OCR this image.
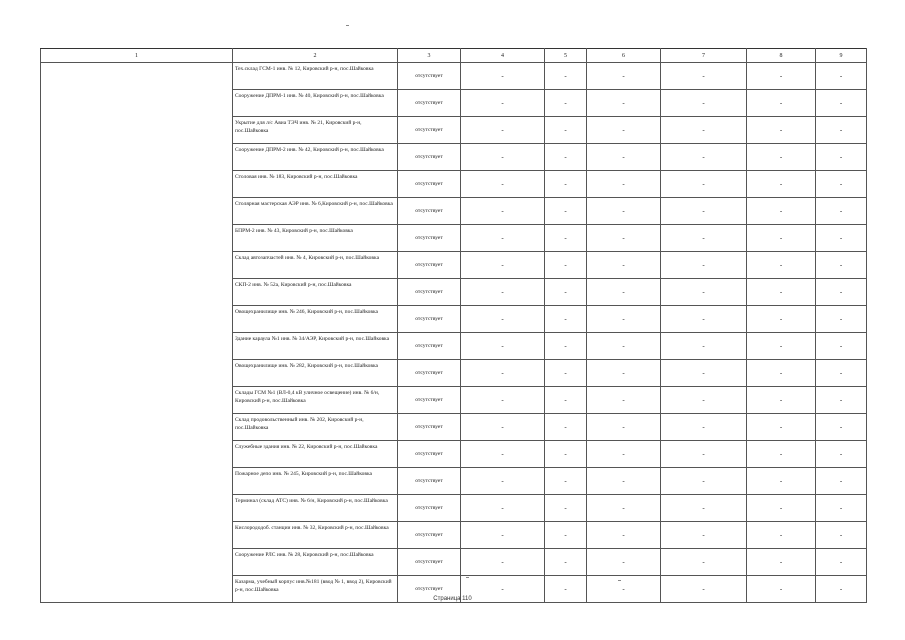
1	2	3	4	5	6	7	8	9
	Тех.склад ГСМ-1 инв. № 12, Кировский р-н, пос.Шайковка	отсутствует	-	-	-	-	-	-
	Сооружение ДПРМ-1 инв. № 40, Кировский р-н, пос.Шайковка	отсутствует	-	-	-	-	-	-
	Укрытие для л/с Авиа ТЭЧ инв. № 21, Кировский р-н, пос.Шайковка	отсутствует	-	-	-	-	-	-
	Сооружение ДПРМ-2 инв. № 42, Кировский р-н, пос.Шайковка	отсутствует	-	-	-	-	-	-
	Столовая инв. № 183, Кировский р-н, пос.Шайковка	отсутствует	-	-	-	-	-	-
	Столярная мастерская АЭР инв. № 6,Кировский р-н, пос.Шайковка	отсутствует	-	-	-	-	-	-
	БПРМ-2 инв. № 43, Кировский р-н, пос.Шайковка	отсутствует	-	-	-	-	-	-
	Склад автозапчастей инв. № 4, Кировский р-н, пос.Шайковка	отсутствует	-	-	-	-	-	-
	СКП-2 инв. № 52а, Кировский р-н, пос.Шайковка	отсутствует	-	-	-	-	-	-
	Овощехранилище инв. № 246, Кировский р-н, пос.Шайковка	отсутствует	-	-	-	-	-	-
	Здание караула №1 инв. № 34/АЭР, Кировский р-н, пос.Шайковка	отсутствует	-	-	-	-	-	-
	Овощехранилище инв. № 282, Кировский р-н, пос.Шайковка	отсутствует	-	-	-	-	-	-
	Склады ГСМ №1 (ВЛ-0,4 кВ уличное освещение) инв. № 6/н, Кировский р-н, пос.Шайковка	отсутствует	-	-	-	-	-	-
	Склад продовольственный инв. № 202, Кировский р-н, пос.Шайковка	отсутствует	-	-	-	-	-	-
	Служебные здания инв. № 22, Кировский р-н, пос.Шайковка	отсутствует	-	-	-	-	-	-
	Пожарное депо инв. № 245, Кировский р-н, пос.Шайковка	отсутствует	-	-	-	-	-	-
	Терминал (склад АТС) инв. № 6/н, Кировский р-н, пос.Шайковка	отсутствует	-	-	-	-	-	-
	Кислорододоб. станции инв. № 32, Кировский р-н, пос.Шайковка	отсутствует	-	-	-	-	-	-
	Сооружение РЛС инв. № 28, Кировский р-н, пос.Шайковка	отсутствует	-	-	-	-	-	-
	Казарма, учебный корпус инв.№181 (ввод № 1, ввод 2), Кировский р-н, пос.Шайковка	отсутствует	-	-	-	-	-	-
Страница 110
